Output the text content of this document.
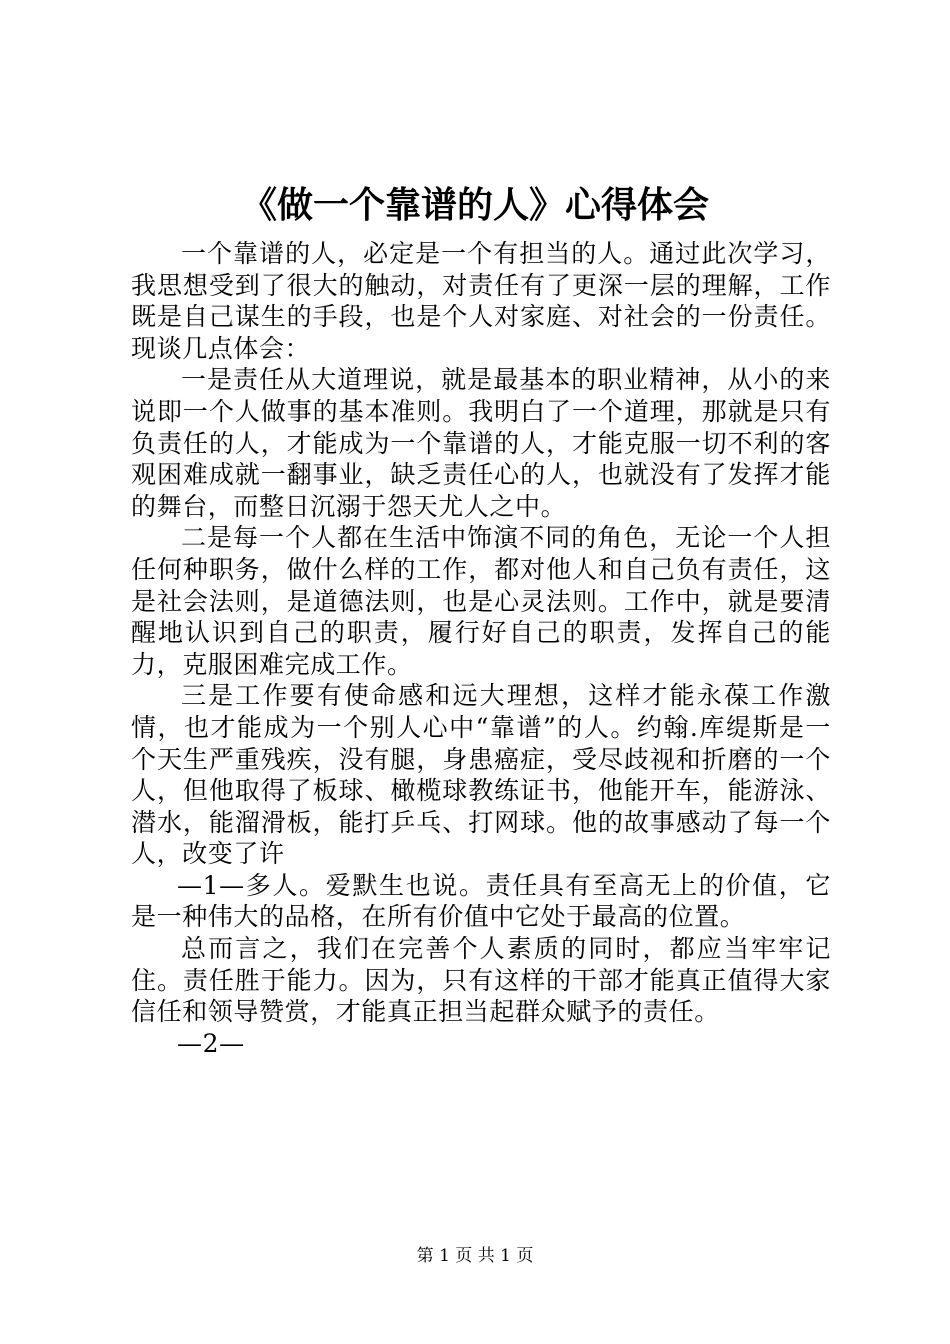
《做一个靠谱的人》心得体会

一个靠谱的人，必定是一个有担当的人。通过此次学习，我思想受到了很大的触动，对责任有了更深一层的理解，工作既是自己谋生的手段，也是个人对家庭、对社会的一份责任。现谈几点体会：

一是责任从大道理说，就是最基本的职业精神，从小的来说即一个人做事的基本准则。我明白了一个道理，那就是只有负责任的人，才能成为一个靠谱的人，才能克服一切不利的客观困难成就一翻事业，缺乏责任心的人，也就没有了发挥才能的舞台，而整日沉溺于怨天尤人之中。

二是每一个人都在生活中饰演不同的角色，无论一个人担任何种职务，做什么样的工作，都对他人和自己负有责任，这是社会法则，是道德法则，也是心灵法则。工作中，就是要清醒地认识到自己的职责，履行好自己的职责，发挥自己的能力，克服困难完成工作。

三是工作要有使命感和远大理想，这样才能永葆工作激情，也才能成为一个别人心中“靠谱”的人。约翰.库缇斯是一个天生严重残疾，没有腿，身患癌症，受尽歧视和折磨的一个人，但他取得了板球、橄榄球教练证书，他能开车，能游泳、潜水，能溜滑板，能打乒乓、打网球。他的故事感动了每一个人，改变了许

—1—多人。爱默生也说。责任具有至高无上的价值，它是一种伟大的品格，在所有价值中它处于最高的位置。

总而言之，我们在完善个人素质的同时，都应当牢牢记住。责任胜于能力。因为，只有这样的干部才能真正值得大家信任和领导赞赏，才能真正担当起群众赋予的责任。

—2—

第 1 页 共 1 页
